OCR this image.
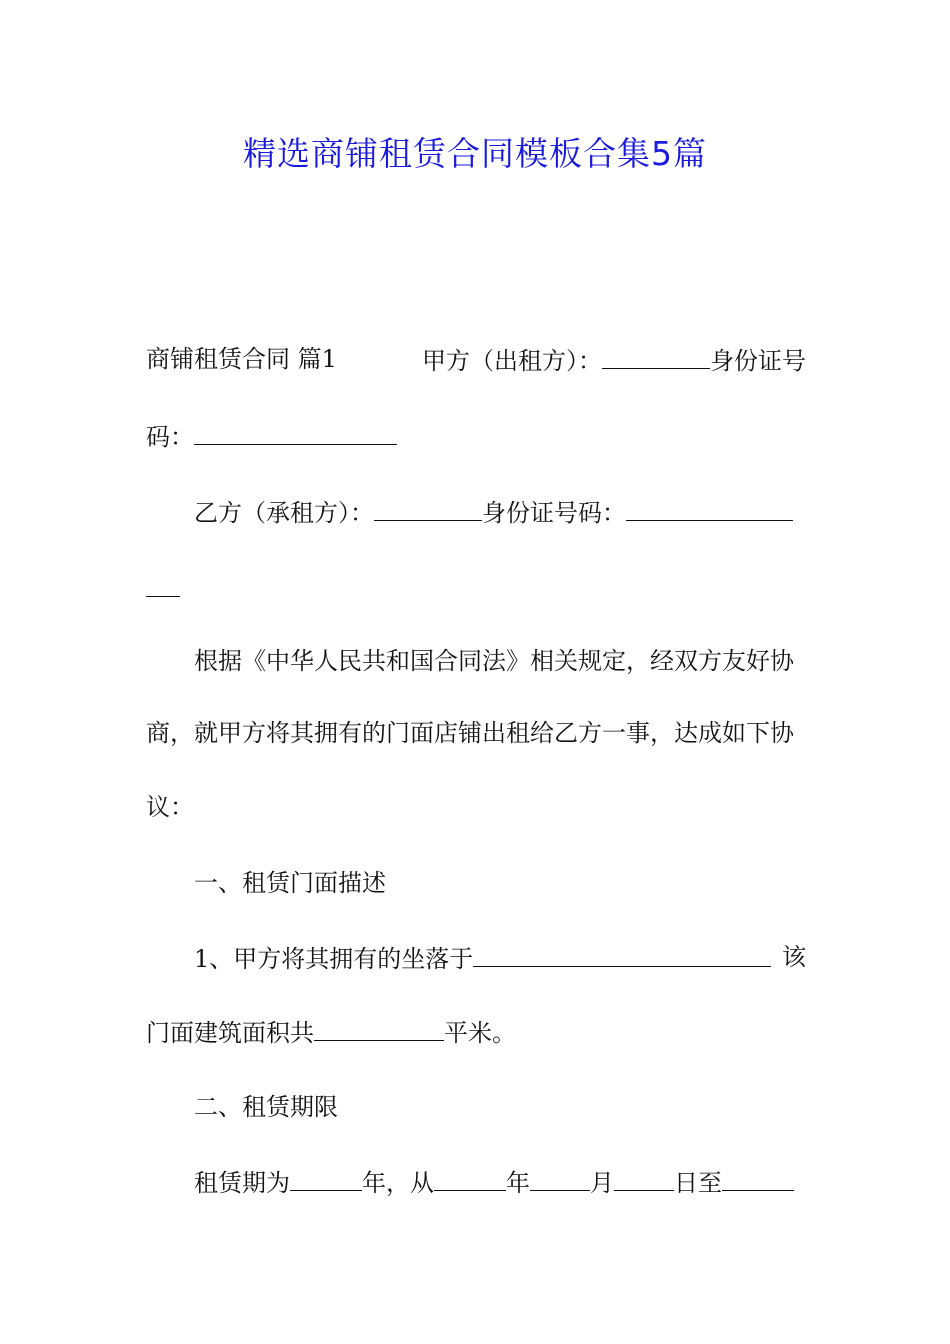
精选商铺租赁合同模板合集5篇
商铺租赁合同 篇1	甲方（出租方）：	身份证号
码：
乙方（承租方）：	身份证号码：
根据《中华人民共和国合同法》相关规定，经双方友好协
商，就甲方将其拥有的门面店铺出租给乙方一事，达成如下协
议：
一、租赁门面描述
1、甲方将其拥有的坐落于	该
门面建筑面积共	平米。
二、租赁期限
租赁期为	年，从	年	月	日至
